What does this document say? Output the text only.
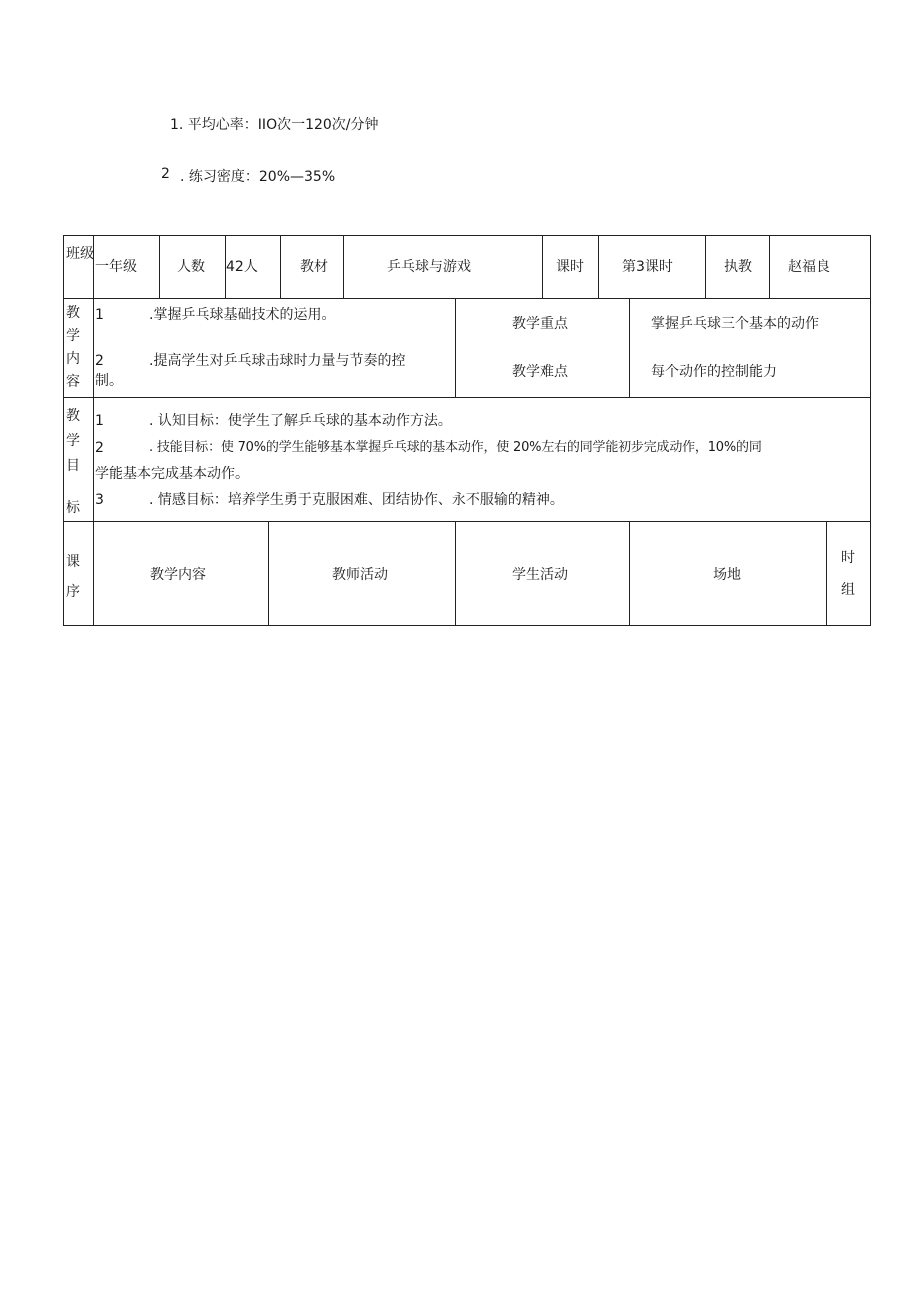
1. 平均心率：IIO次一120次/分钟
2 . 练习密度：20%—35%
班级
一年级	人数 42人	教材	乒乓球与游戏	课时	第3课时	执教	赵福良
教
学
内
容
1	.掌握乒乓球基础技术的运用。
2	.提高学生对乒乓球击球时力量与节奏的控
制。
教学重点	掌握乒乓球三个基本的动作
教学难点	每个动作的控制能力
教
学
目
标
1	. 认知目标：使学生了解乒乓球的基本动作方法。
2	. 技能目标：使 70%的学生能够基本掌握乒乓球的基本动作，使 20%左右的同学能初步完成动作，10%的同
学能基本完成基本动作。
3	. 情感目标：培养学生勇于克服困难、团结协作、永不服输的精神。
课
序
教学内容	教师活动	学生活动	场地
时
组
